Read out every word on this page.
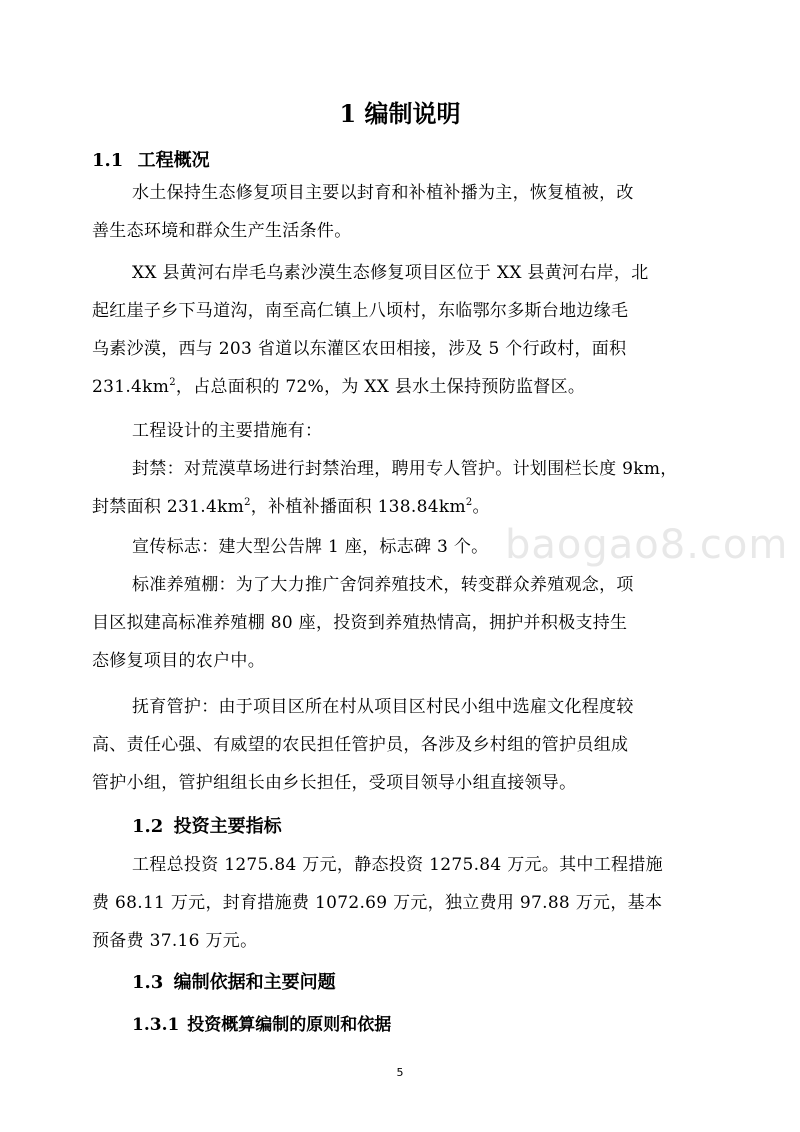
baogao8.com
1 编制说明
1.1 工程概况
水土保持生态修复项目主要以封育和补植补播为主，恢复植被，改
善生态环境和群众生产生活条件。
XX 县黄河右岸毛乌素沙漠生态修复项目区位于 XX 县黄河右岸，北
起红崖子乡下马道沟，南至高仁镇上八顷村，东临鄂尔多斯台地边缘毛
乌素沙漠，西与 203 省道以东灌区农田相接，涉及 5 个行政村，面积
$231.4km^2$，占总面积的 72%，为 XX 县水土保持预防监督区。
工程设计的主要措施有：
封禁：对荒漠草场进行封禁治理，聘用专人管护。计划围栏长度 9km，
封禁面积 $231.4km^2$，补植补播面积 $138.84km^2$。
宣传标志：建大型公告牌 1 座，标志碑 3 个。
标准养殖棚：为了大力推广舍饲养殖技术，转变群众养殖观念，项
目区拟建高标准养殖棚 80 座，投资到养殖热情高，拥护并积极支持生
态修复项目的农户中。
抚育管护：由于项目区所在村从项目区村民小组中选雇文化程度较
高、责任心强、有威望的农民担任管护员，各涉及乡村组的管护员组成
管护小组，管护组组长由乡长担任，受项目领导小组直接领导。
1.2 投资主要指标
工程总投资 1275.84 万元，静态投资 1275.84 万元。其中工程措施
费 68.11 万元，封育措施费 1072.69 万元，独立费用 97.88 万元，基本
预备费 37.16 万元。
1.3 编制依据和主要问题
1.3.1 投资概算编制的原则和依据
5
